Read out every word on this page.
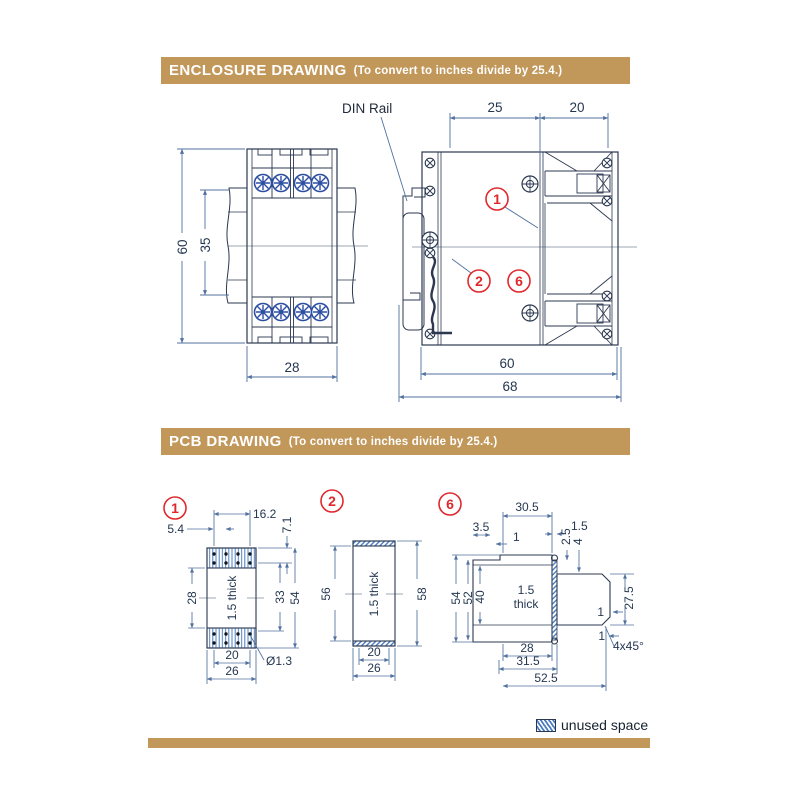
ENCLOSURE DRAWING (To convert to inches divide by 25.4.)
PCB DRAWING (To convert to inches divide by 25.4.)
60 35
28
DIN Rail	25	20
60
68
1
2 6
1
1.5 thick
16.2
5.4	7.1
28	33 54
20
26
Ø1.3
2
1.5 thick
56	58
20
26
6
1.5
thick
30.5
3.5
1
1.5
2.5
4
54
52
40	27.5
1
1
4x45°
28
31.5
52.5
unused space
